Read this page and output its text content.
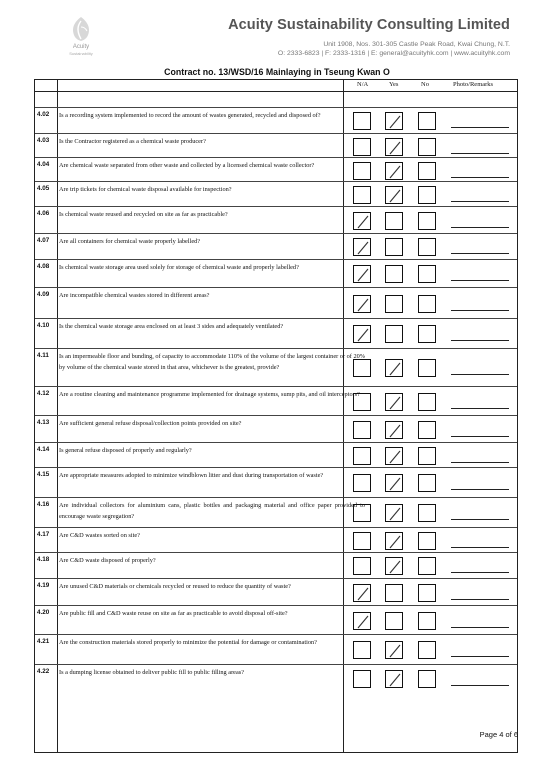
Acuity
Sustainability
Acuity Sustainability Consulting Limited
Unit 1908, Nos. 301-305 Castle Peak Road, Kwai Chung, N.T.
O: 2333-6823 | F: 2333-1316 | E: general@acuityhk.com | www.acuityhk.com
Contract no. 13/WSD/16 Mainlaying in Tseung Kwan O
N/A	Yes	No	Photo/Remarks
4.02 Is a recording system implemented to record the amount of wastes generated, recycled and disposed of?
4.03 Is the Contractor registered as a chemical waste producer?
4.04 Are chemical waste separated from other waste and collected by a licensed chemical waste collector?
4.05 Are trip tickets for chemical waste disposal available for inspection?
4.06 Is chemical waste reused and recycled on site as far as practicable?
4.07 Are all containers for chemical waste properly labelled?
4.08 Is chemical waste storage area used solely for storage of chemical waste and properly labelled?
4.09 Are incompatible chemical wastes stored in different areas?
4.10 Is the chemical waste storage area enclosed on at least 3 sides and adequately ventilated?
4.11 Is an impermeable floor and bunding, of capacity to accommodate 110% of the volume of the largest container or of 20% by volume of the chemical waste stored in that area, whichever is the greatest, provide?
4.12 Are a routine cleaning and maintenance programme implemented for drainage systems, sump pits, and oil interceptors?
4.13 Are sufficient general refuse disposal/collection points provided on site?
4.14 Is general refuse disposed of properly and regularly?
4.15 Are appropriate measures adopted to minimize windblown litter and dust during transportation of waste?
4.16 Are individual collectors for aluminium cans, plastic bottles and packaging material and office paper provided to encourage waste segregation?
4.17 Are C&D wastes sorted on site?
4.18 Are C&D waste disposed of properly?
4.19 Are unused C&D materials or chemicals recycled or reused to reduce the quantity of waste?
4.20 Are public fill and C&D waste reuse on site as far as practicable to avoid disposal off-site?
4.21 Are the construction materials stored properly to minimize the potential for damage or contamination?
4.22 Is a dumping license obtained to deliver public fill to public filling areas?
Page 4 of 6
